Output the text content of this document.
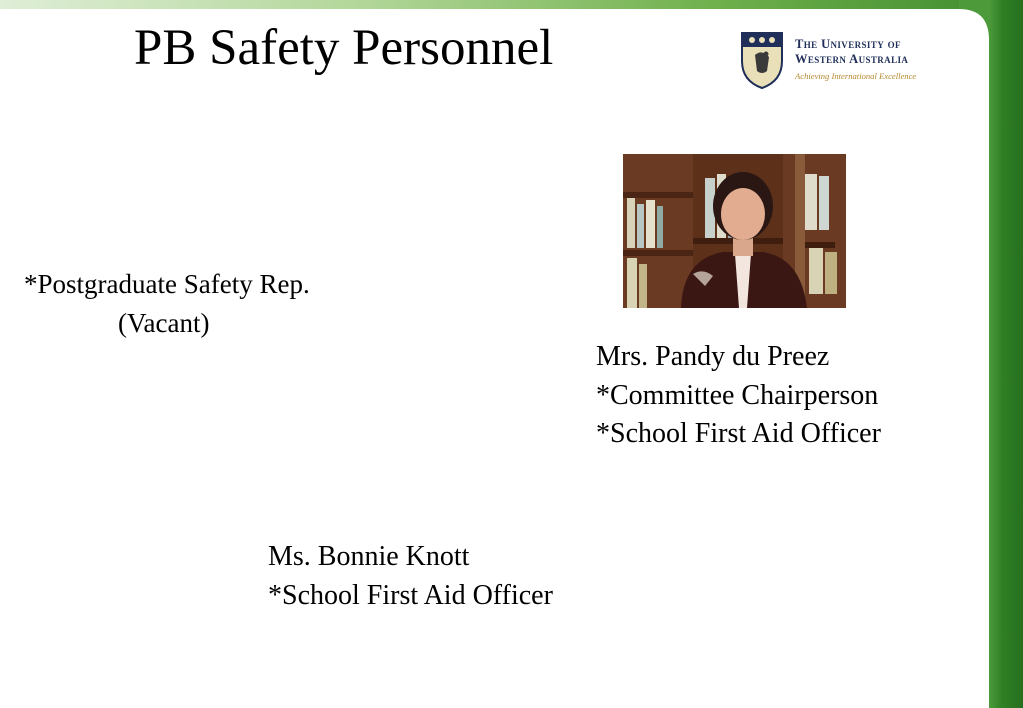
PB Safety Personnel	The University of
Western Australia
Achieving International Excellence
*Postgraduate Safety Rep.
(Vacant)
Mrs. Pandy du Preez
*Committee Chairperson
*School First Aid Officer
Ms. Bonnie Knott
*School First Aid Officer
